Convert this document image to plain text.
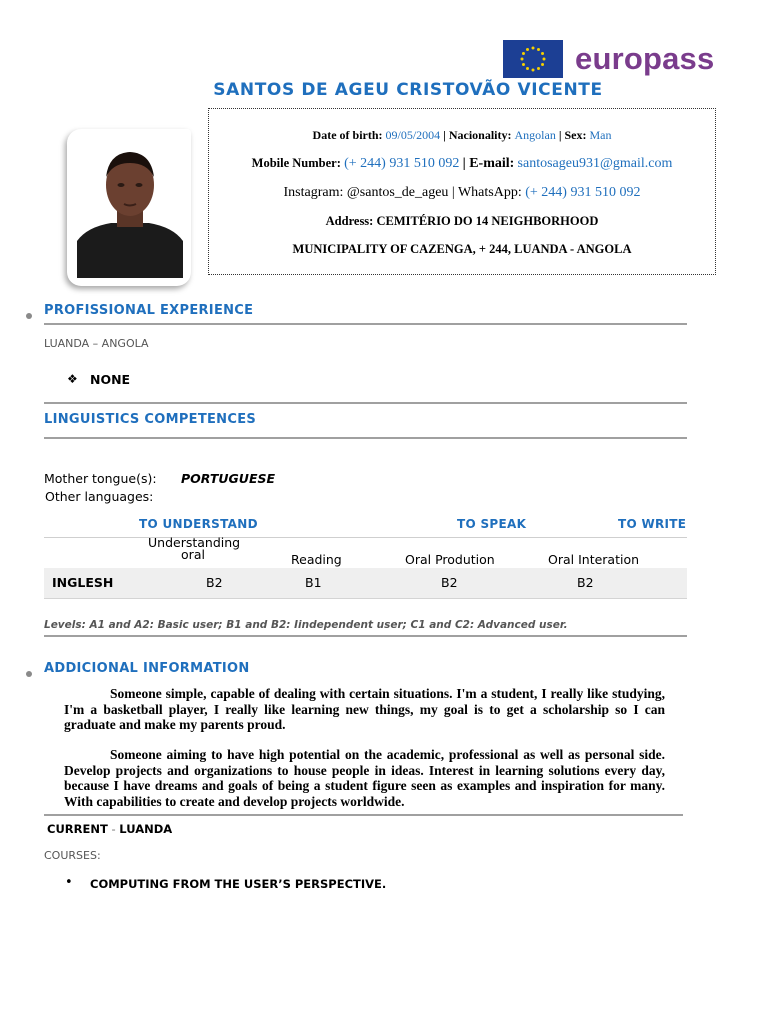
europass
SANTOS DE AGEU CRISTOVÃO VICENTE
Date of birth: 09/05/2004 | Nacionality: Angolan | Sex: Man
Mobile Number: (+ 244) 931 510 092 | E-mail: santosageu931@gmail.com
Instagram: @santos_de_ageu | WhatsApp: (+ 244) 931 510 092
Address: CEMITÉRIO DO 14 NEIGHBORHOOD
MUNICIPALITY OF CAZENGA, + 244, LUANDA - ANGOLA
PROFISSIONAL EXPERIENCE
LUANDA – ANGOLA
❖ NONE
LINGUISTICS COMPETENCES
Mother tongue(s): PORTUGUESE
Other languages:
TO UNDERSTAND	TO SPEAK	TO WRITE
Understanding
oral	Reading	Oral Prodution	Oral Interation
INGLESH	B2	B1	B2	B2
Levels: A1 and A2: Basic user; B1 and B2: Iindependent user; C1 and C2: Advanced user.
ADDICIONAL INFORMATION
Someone simple, capable of dealing with certain situations. I'm a student, I really like studying, I'm a basketball player, I really like learning new things, my goal is to get a scholarship so I can graduate and make my parents proud.
Someone aiming to have high potential on the academic, professional as well as personal side. Develop projects and organizations to house people in ideas. Interest in learning solutions every day, because I have dreams and goals of being a student figure seen as examples and inspiration for many. With capabilities to create and develop projects worldwide.
CURRENT - LUANDA
COURSES:
• COMPUTING FROM THE USER’S PERSPECTIVE.
